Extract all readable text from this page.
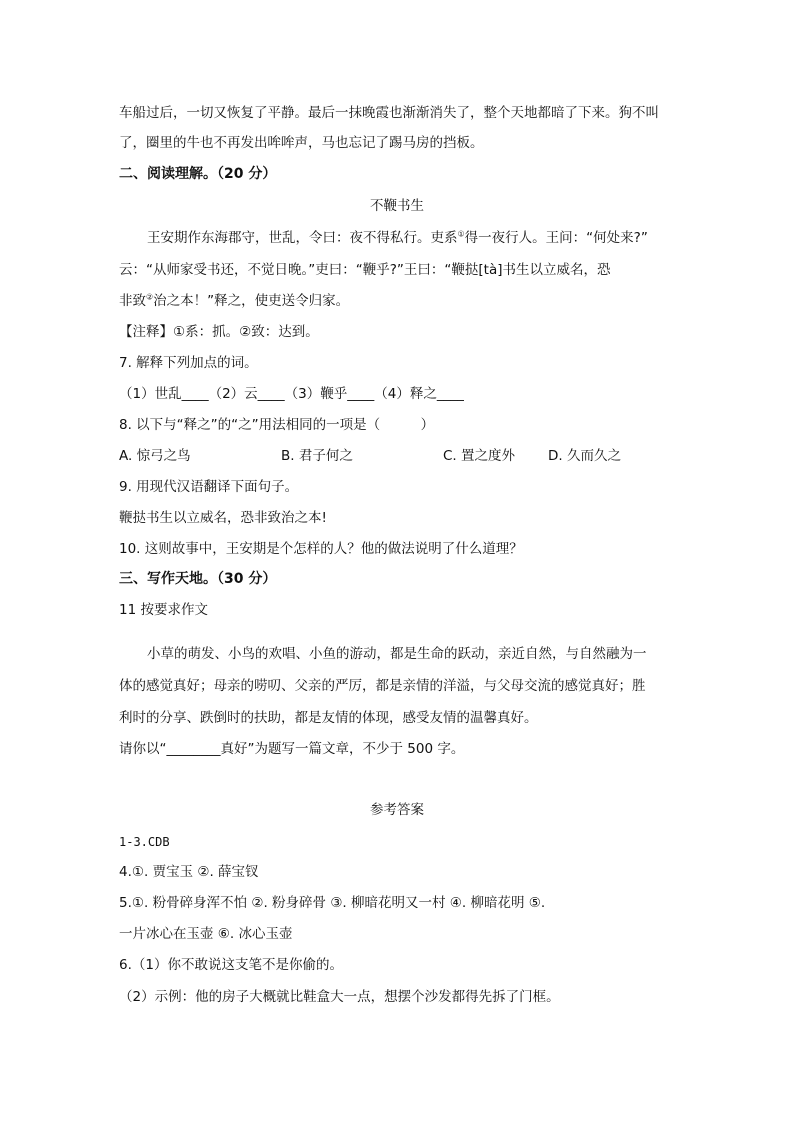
车船过后，一切又恢复了平静。最后一抹晚霞也渐渐消失了，整个天地都暗了下来。狗不叫
了，圈里的牛也不再发出哞哞声，马也忘记了踢马房的挡板。
二、阅读理解。（20 分）
不鞭书生
王安期作东海郡守，世乱，令曰：夜不得私行。吏系①得一夜行人。王问：“何处来?”
云：“从师家受书还，不觉日晚。”吏曰：“鞭乎?”王曰：“鞭挞[tà]书生以立威名，恐
非致②治之本！”释之，使吏送令归家。
【注释】①系：抓。②致：达到。
7. 解释下列加点的词。
（1）世乱____（2）云____（3）鞭乎____（4）释之____
8. 以下与“释之”的“之”用法相同的一项是（　　　）
A. 惊弓之鸟	B. 君子何之	C. 置之度外 D. 久而久之
9. 用现代汉语翻译下面句子。
鞭挞书生以立威名，恐非致治之本!
10. 这则故事中，王安期是个怎样的人？他的做法说明了什么道理？
三、写作天地。（30 分）
11 按要求作文
小草的萌发、小鸟的欢唱、小鱼的游动，都是生命的跃动，亲近自然，与自然融为一
体的感觉真好；母亲的唠叨、父亲的严厉，都是亲情的洋溢，与父母交流的感觉真好；胜
利时的分享、跌倒时的扶助，都是友情的体现，感受友情的温馨真好。
请你以“________真好”为题写一篇文章，不少于 500 字。
参考答案
1-3.CDB
4.①. 贾宝玉 ②. 薛宝钗
5.①. 粉骨碎身浑不怕 ②. 粉身碎骨 ③. 柳暗花明又一村 ④. 柳暗花明 ⑤.
一片冰心在玉壶 ⑥. 冰心玉壶
6.（1）你不敢说这支笔不是你偷的。
（2）示例：他的房子大概就比鞋盒大一点，想摆个沙发都得先拆了门框。
